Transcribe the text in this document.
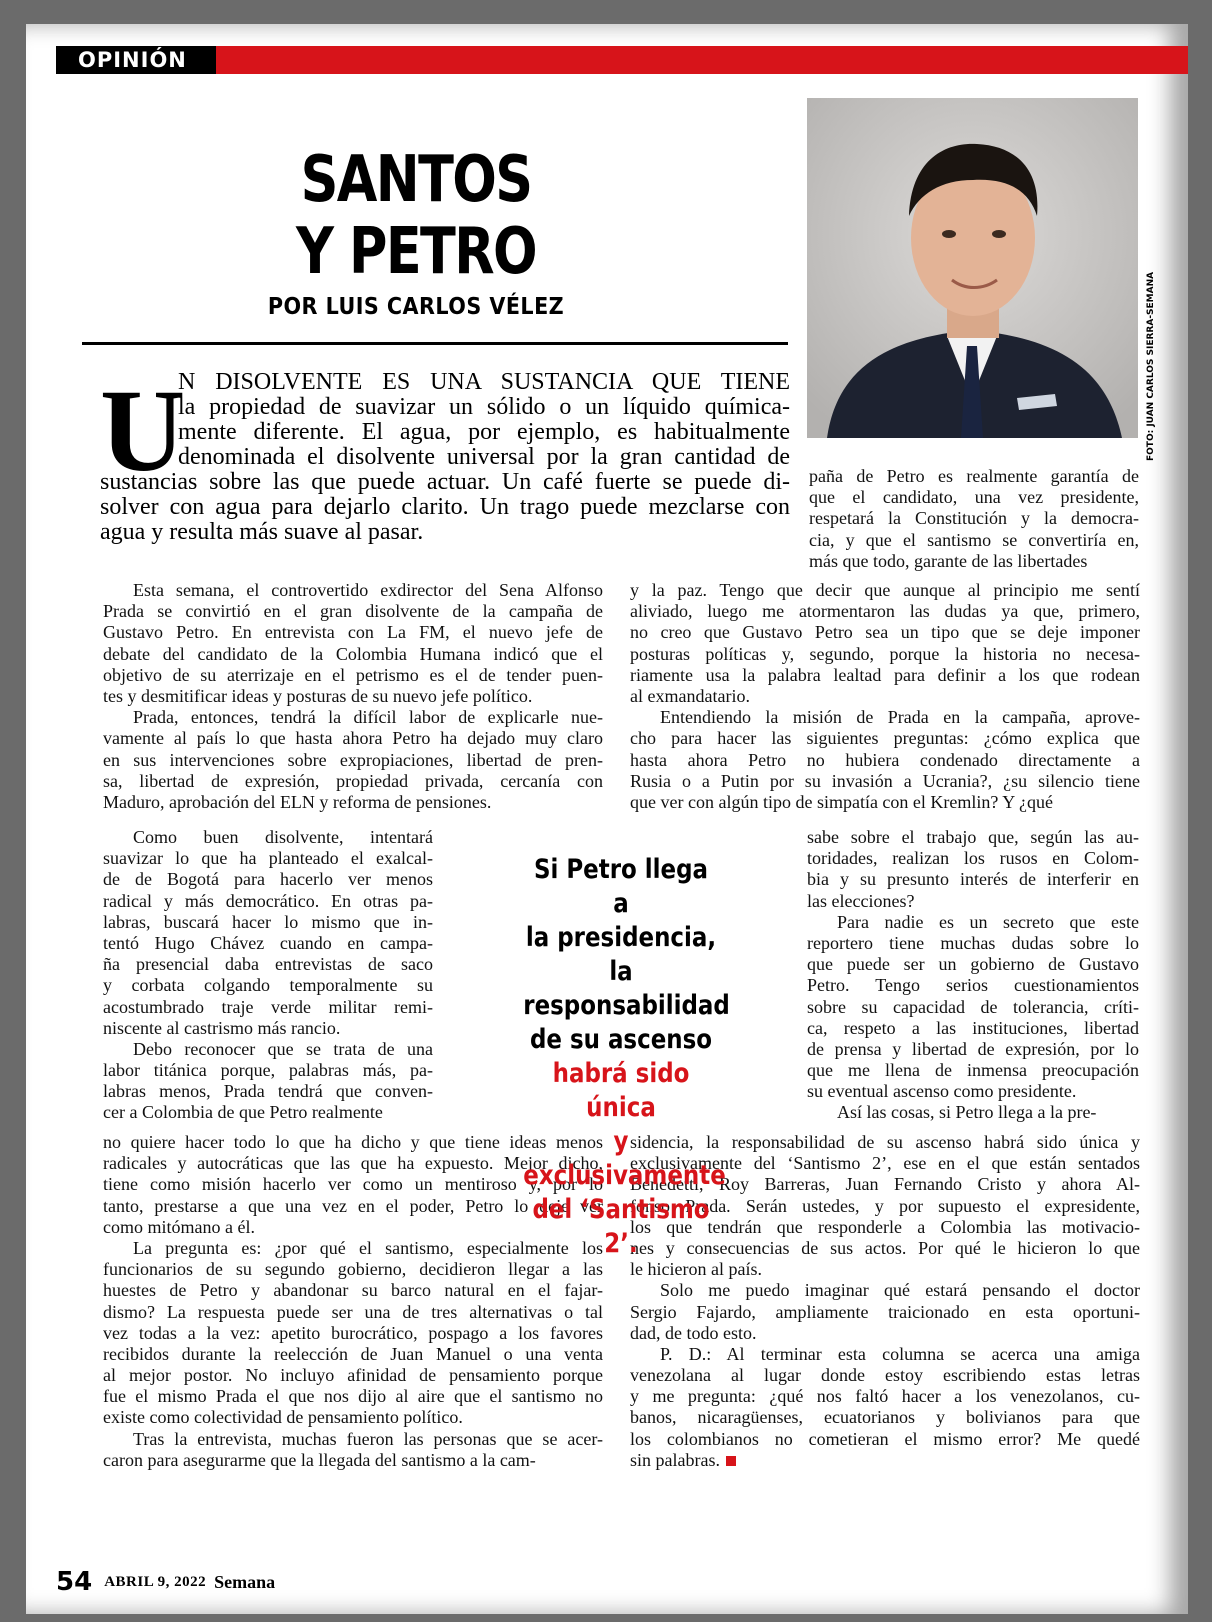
OPINIÓN
SANTOS
Y PETRO
POR LUIS CARLOS VÉLEZ	FOTO: JUAN CARLOS SIERRA-SEMANA
U
N DISOLVENTE ES UNA SUSTANCIA QUE TIENE
la propiedad de suavizar un sólido o un líquido química-
mente diferente. El agua, por ejemplo, es habitualmente
denominada el disolvente universal por la gran cantidad de
sustancias sobre las que puede actuar. Un café fuerte se puede di-
solver con agua para dejarlo clarito. Un trago puede mezclarse con
agua y resulta más suave al pasar.
paña de Petro es realmente garantía de
que el candidato, una vez presidente,
respetará la Constitución y la democra-
cia, y que el santismo se convertiría en,
más que todo, garante de las libertades
Esta semana, el controvertido exdirector del Sena Alfonso
Prada se convirtió en el gran disolvente de la campaña de
Gustavo Petro. En entrevista con La FM, el nuevo jefe de
debate del candidato de la Colombia Humana indicó que el
objetivo de su aterrizaje en el petrismo es el de tender puen-
tes y desmitificar ideas y posturas de su nuevo jefe político.
Prada, entonces, tendrá la difícil labor de explicarle nue-
vamente al país lo que hasta ahora Petro ha dejado muy claro
en sus intervenciones sobre expropiaciones, libertad de pren-
sa, libertad de expresión, propiedad privada, cercanía con
Maduro, aprobación del ELN y reforma de pensiones.
y la paz. Tengo que decir que aunque al principio me sentí
aliviado, luego me atormentaron las dudas ya que, primero,
no creo que Gustavo Petro sea un tipo que se deje imponer
posturas políticas y, segundo, porque la historia no necesa-
riamente usa la palabra lealtad para definir a los que rodean
al exmandatario.
Entendiendo la misión de Prada en la campaña, aprove-
cho para hacer las siguientes preguntas: ¿cómo explica que
hasta ahora Petro no hubiera condenado directamente a
Rusia o a Putin por su invasión a Ucrania?, ¿su silencio tiene
que ver con algún tipo de simpatía con el Kremlin? Y ¿qué
Como buen disolvente, intentará
suavizar lo que ha planteado el exalcal-
de de Bogotá para hacerlo ver menos
radical y más democrático. En otras pa-
labras, buscará hacer lo mismo que in-
tentó Hugo Chávez cuando en campa-
ña presencial daba entrevistas de saco
y corbata colgando temporalmente su
acostumbrado traje verde militar remi-
niscente al castrismo más rancio.
Debo reconocer que se trata de una
labor titánica porque, palabras más, pa-
labras menos, Prada tendrá que conven-
cer a Colombia de que Petro realmente
sabe sobre el trabajo que, según las au-
toridades, realizan los rusos en Colom-
bia y su presunto interés de interferir en
las elecciones?
Para nadie es un secreto que este
reportero tiene muchas dudas sobre lo
que puede ser un gobierno de Gustavo
Petro. Tengo serios cuestionamientos
sobre su capacidad de tolerancia, críti-
ca, respeto a las instituciones, libertad
de prensa y libertad de expresión, por lo
que me llena de inmensa preocupación
su eventual ascenso como presidente.
Así las cosas, si Petro llega a la pre-
no quiere hacer todo lo que ha dicho y que tiene ideas menos
radicales y autocráticas que las que ha expuesto. Mejor dicho,
tiene como misión hacerlo ver como un mentiroso y, por lo
tanto, prestarse a que una vez en el poder, Petro lo deje ver
como mitómano a él.
La pregunta es: ¿por qué el santismo, especialmente los
funcionarios de su segundo gobierno, decidieron llegar a las
huestes de Petro y abandonar su barco natural en el fajar-
dismo? La respuesta puede ser una de tres alternativas o tal
vez todas a la vez: apetito burocrático, pospago a los favores
recibidos durante la reelección de Juan Manuel o una venta
al mejor postor. No incluyo afinidad de pensamiento porque
fue el mismo Prada el que nos dijo al aire que el santismo no
existe como colectividad de pensamiento político.
Tras la entrevista, muchas fueron las personas que se acer-
caron para asegurarme que la llegada del santismo a la cam-
sidencia, la responsabilidad de su ascenso habrá sido única y
exclusivamente del ‘Santismo 2’, ese en el que están sentados
Benedetti, Roy Barreras, Juan Fernando Cristo y ahora Al-
fonso Prada. Serán ustedes, y por supuesto el expresidente,
los que tendrán que responderle a Colombia las motivacio-
nes y consecuencias de sus actos. Por qué le hicieron lo que
le hicieron al país.
Solo me puedo imaginar qué estará pensando el doctor
Sergio Fajardo, ampliamente traicionado en esta oportuni-
dad, de todo esto.
P. D.: Al terminar esta columna se acerca una amiga
venezolana al lugar donde estoy escribiendo estas letras
y me pregunta: ¿qué nos faltó hacer a los venezolanos, cu-
banos, nicaragüenses, ecuatorianos y bolivianos para que
los colombianos no cometieran el mismo error? Me quedé
sin palabras.
Si Petro llega a
la presidencia, la
responsabilidad
de su ascenso
habrá sido única
y exclusivamente
del ‘Santismo 2’.
54 ABRIL 9, 2022 Semana
